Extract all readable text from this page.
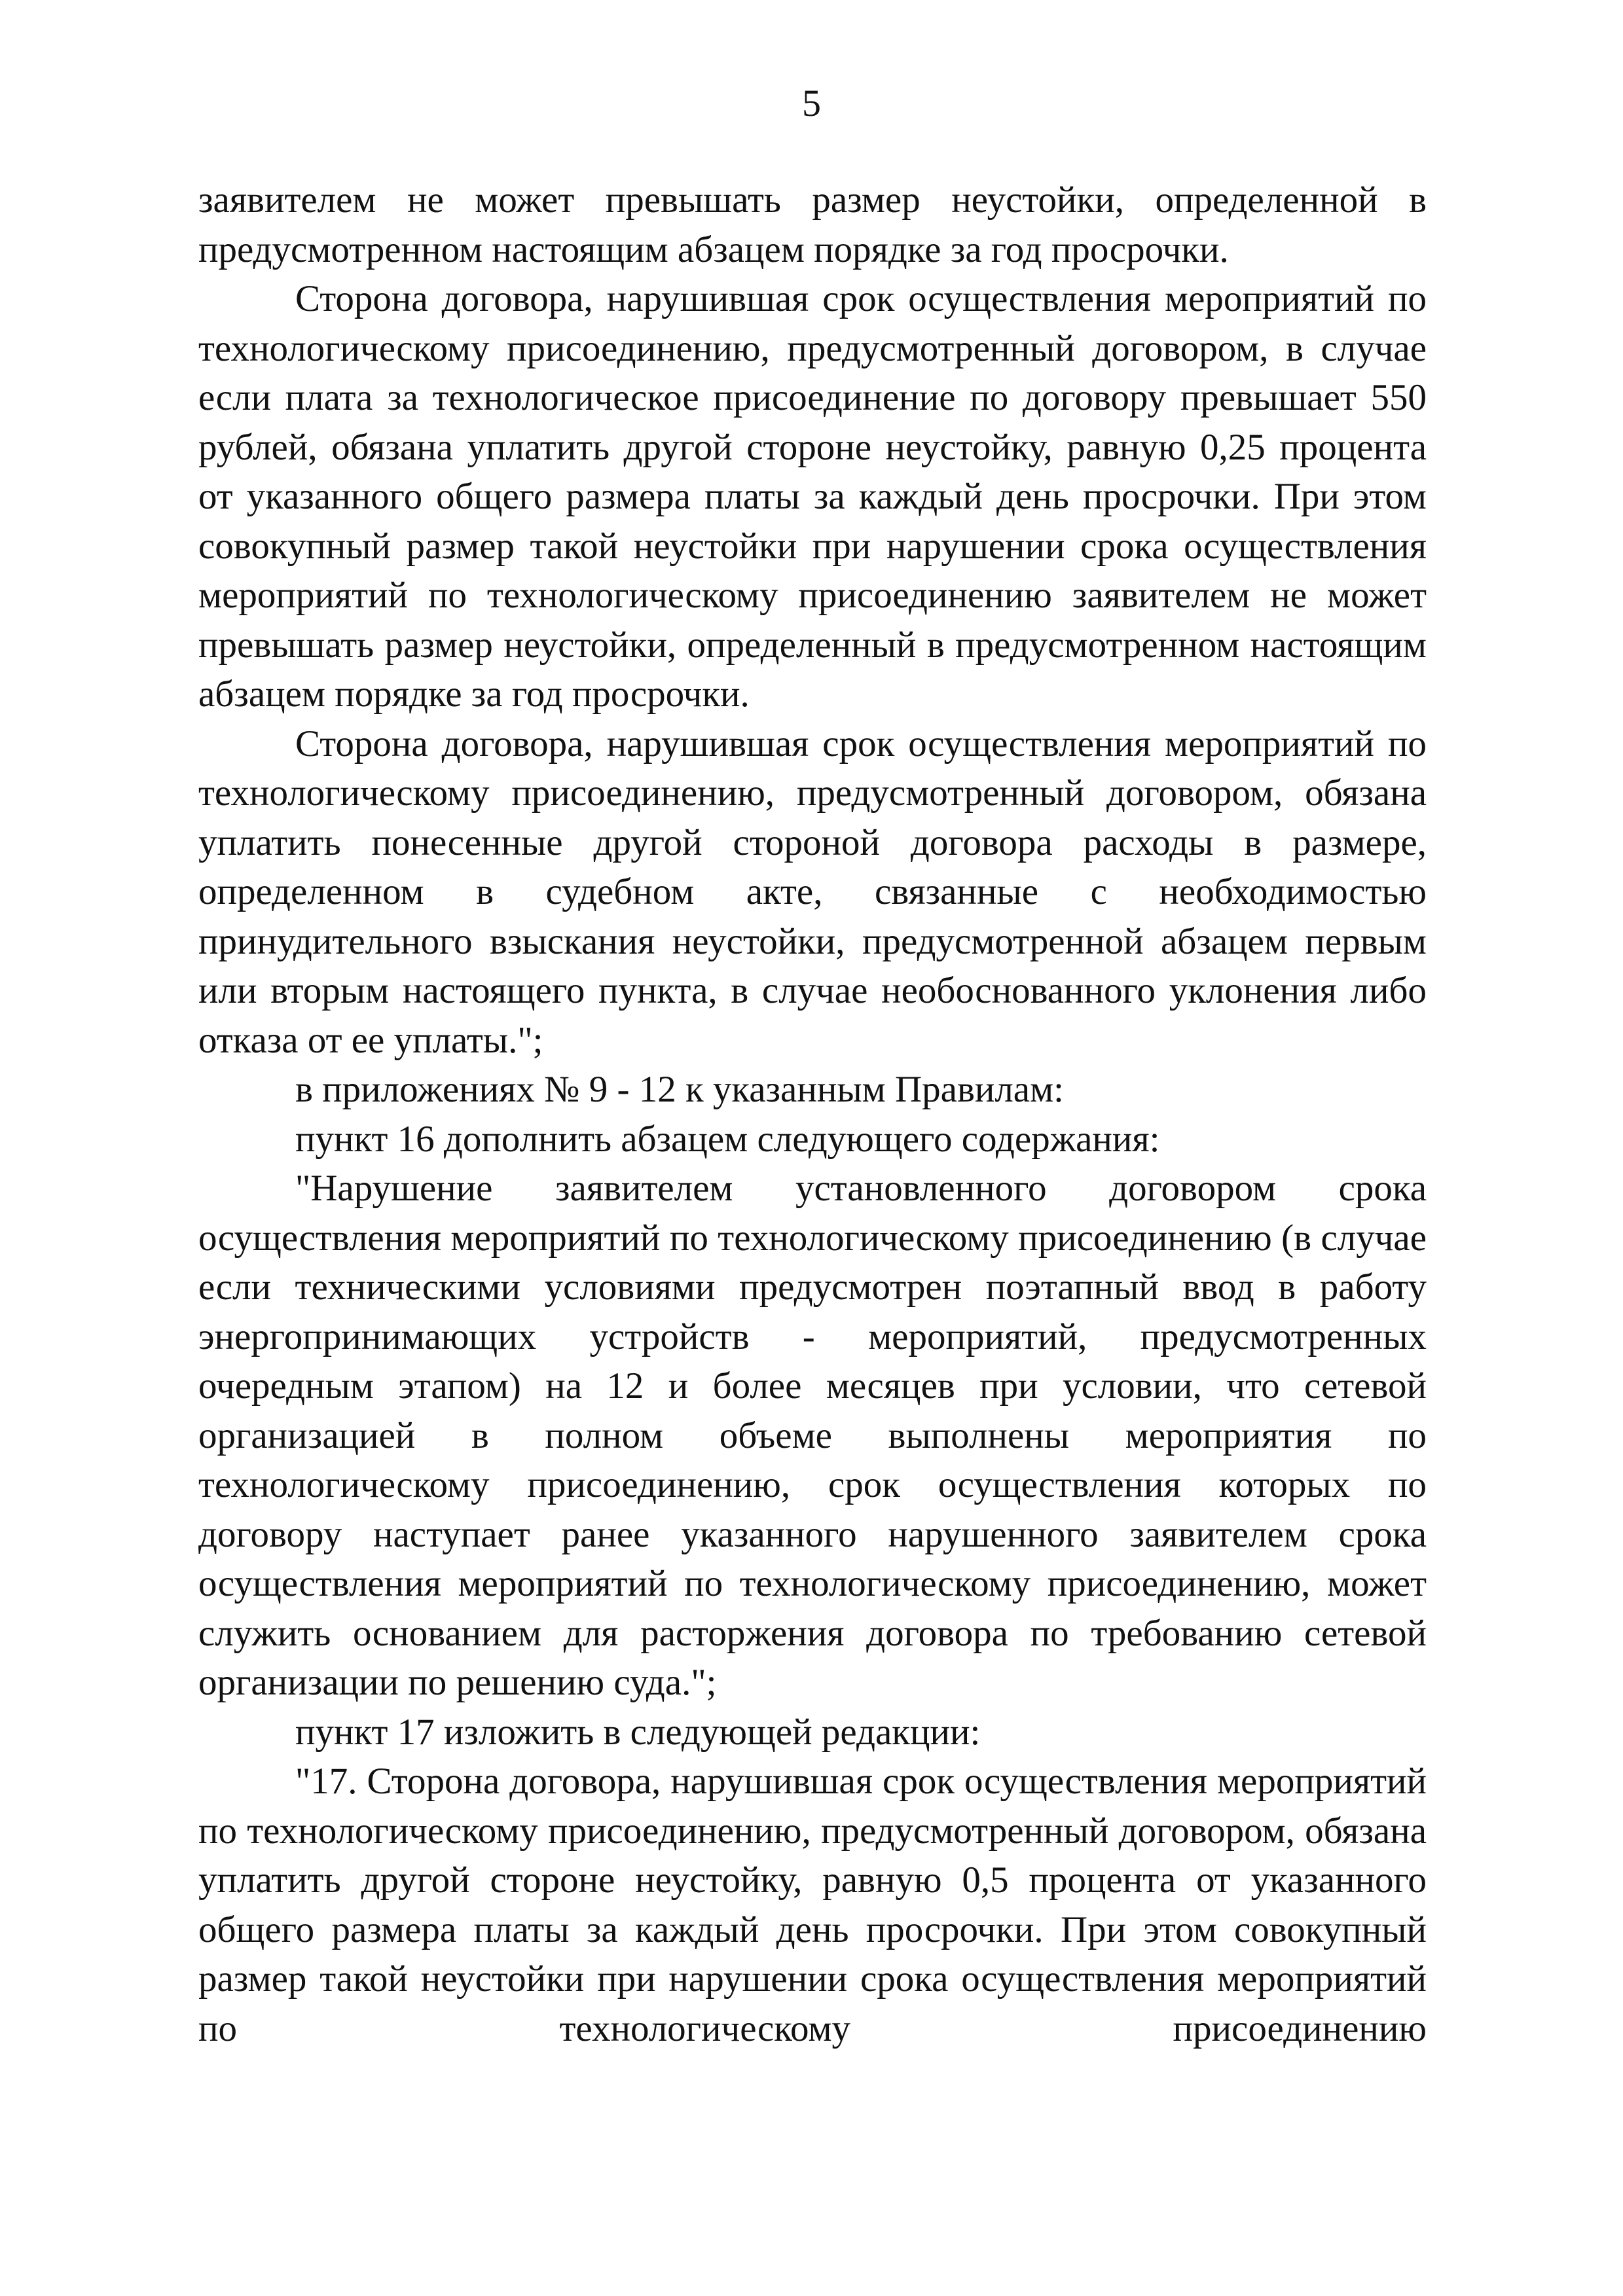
5

заявителем не может превышать размер неустойки, определенной в предусмотренном настоящим абзацем порядке за год просрочки.

Сторона договора, нарушившая срок осуществления мероприятий по технологическому присоединению, предусмотренный договором, в случае если плата за технологическое присоединение по договору превышает 550 рублей, обязана уплатить другой стороне неустойку, равную 0,25 процента от указанного общего размера платы за каждый день просрочки. При этом совокупный размер такой неустойки при нарушении срока осуществления мероприятий по технологическому присоединению заявителем не может превышать размер неустойки, определенный в предусмотренном настоящим абзацем порядке за год просрочки.

Сторона договора, нарушившая срок осуществления мероприятий по технологическому присоединению, предусмотренный договором, обязана уплатить понесенные другой стороной договора расходы в размере, определенном в судебном акте, связанные с необходимостью принудительного взыскания неустойки, предусмотренной абзацем первым или вторым настоящего пункта, в случае необоснованного уклонения либо отказа от ее уплаты.";

в приложениях № 9 - 12 к указанным Правилам:

пункт 16 дополнить абзацем следующего содержания:

"Нарушение заявителем установленного договором срока осуществления мероприятий по технологическому присоединению (в случае если техническими условиями предусмотрен поэтапный ввод в работу энергопринимающих устройств - мероприятий, предусмотренных очередным этапом) на 12 и более месяцев при условии, что сетевой организацией в полном объеме выполнены мероприятия по технологическому присоединению, срок осуществления которых по договору наступает ранее указанного нарушенного заявителем срока осуществления мероприятий по технологическому присоединению, может служить основанием для расторжения договора по требованию сетевой организации по решению суда.";

пункт 17 изложить в следующей редакции:

"17. Сторона договора, нарушившая срок осуществления мероприятий по технологическому присоединению, предусмотренный договором, обязана уплатить другой стороне неустойку, равную 0,5 процента от указанного общего размера платы за каждый день просрочки. При этом совокупный размер такой неустойки при нарушении срока осуществления мероприятий по технологическому присоединению
